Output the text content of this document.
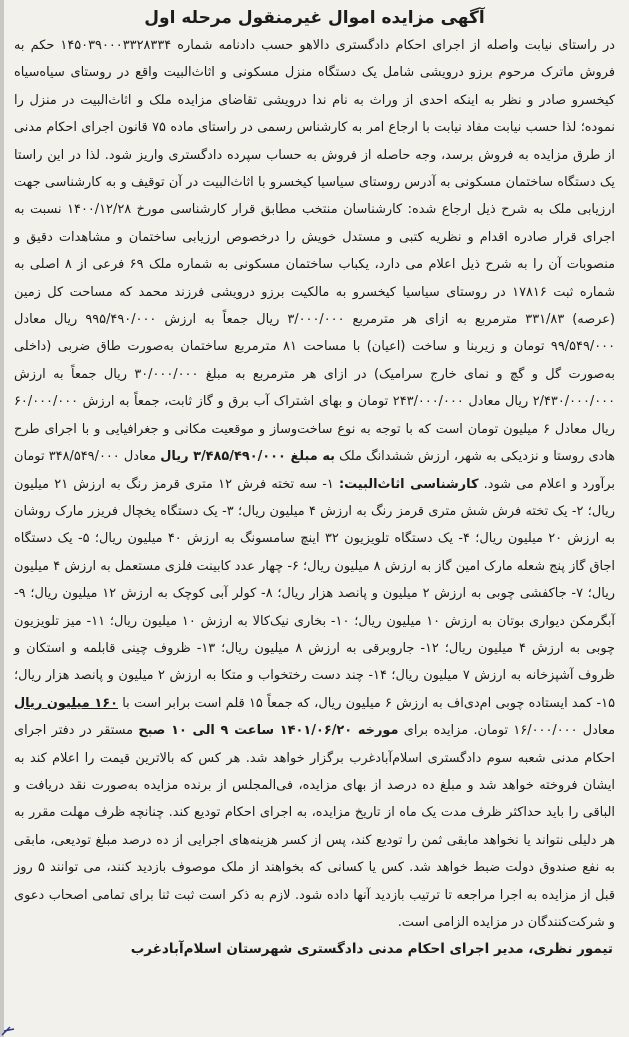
آگهی مزایده اموال غیرمنقول مرحله اول

در راستای نیابت واصله از اجرای احکام دادگستری دالاهو حسب دادنامه شماره ۱۴۵۰۳۹۰۰۰۳۳۲۸۳۳۴ حکم به فروش ماترک مرحوم برزو درویشی شامل یک دستگاه منزل مسکونی و اثاث‌البیت واقع در روستای سیاه‌سیاه کیخسرو صادر و نظر به اینکه احدی از وراث به نام ندا درویشی تقاضای مزایده ملک و اثاث‌البیت در منزل را نموده؛ لذا حسب نیابت مفاد نیابت با ارجاع امر به کارشناس رسمی در راستای ماده ۷۵ قانون اجرای احکام مدنی از طرق مزایده به فروش برسد، وجه حاصله از فروش به حساب سپرده دادگستری واریز شود. لذا در این راستا یک دستگاه ساختمان مسکونی به آدرس روستای سیاسیا کیخسرو با اثاث‌البیت در آن توقیف و به کارشناسی جهت ارزیابی ملک به شرح ذیل ارجاع شده: کارشناسان منتخب مطابق قرار کارشناسی مورخ ۱۴۰۰/۱۲/۲۸ نسبت به اجرای قرار صادره اقدام و نظریه کتبی و مستدل خویش را درخصوص ارزیابی ساختمان و مشاهدات دقیق و منصوبات آن را به شرح ذیل اعلام می دارد، یکباب ساختمان مسکونی به شماره ملک ۶۹ فرعی از ۸ اصلی به شماره ثبت ۱۷۸۱۶ در روستای سیاسیا کیخسرو به مالکیت برزو درویشی فرزند محمد که مساحت کل زمین (عرصه) ۳۳۱/۸۳ مترمربع به ازای هر مترمربع ۳/۰۰۰/۰۰۰ ریال جمعاً به ارزش ۹۹۵/۴۹۰/۰۰۰ ریال معادل ۹۹/۵۴۹/۰۰۰ تومان و زیربنا و ساخت (اعیان) با مساحت ۸۱ مترمربع ساختمان به‌صورت طاق ضربی (داخلی به‌صورت گل و گچ و نمای خارج سرامیک) در ازای هر مترمربع به مبلغ ۳۰/۰۰۰/۰۰۰ ریال جمعاً به ارزش ۲/۴۳۰/۰۰۰/۰۰۰ ریال معادل ۲۴۳/۰۰۰/۰۰۰ تومان و بهای اشتراک آب برق و گاز ثابت، جمعاً به ارزش ۶۰/۰۰۰/۰۰۰ ریال معادل ۶ میلیون تومان است که با توجه به نوع ساخت‌وساز و موقعیت مکانی و جغرافیایی و با اجرای طرح هادی روستا و نزدیکی به شهر، ارزش ششدانگ ملک به مبلغ ۳/۴۸۵/۴۹۰/۰۰۰ ریال معادل ۳۴۸/۵۴۹/۰۰۰ تومان برآورد و اعلام می شود. کارشناسی اثاث‌البیت: ۱- سه تخته فرش ۱۲ متری قرمز رنگ به ارزش ۲۱ میلیون ریال؛ ۲- یک تخته فرش شش متری قرمز رنگ به ارزش ۴ میلیون ریال؛ ۳- یک دستگاه یخچال فریزر مارک روشان به ارزش ۲۰ میلیون ریال؛ ۴- یک دستگاه تلویزیون ۳۲ اینچ سامسونگ به ارزش ۴۰ میلیون ریال؛ ۵- یک دستگاه اجاق گاز پنج شعله مارک امین گاز به ارزش ۸ میلیون ریال؛ ۶- چهار عدد کابینت فلزی مستعمل به ارزش ۴ میلیون ریال؛ ۷- جاکفشی چوبی به ارزش ۲ میلیون و پانصد هزار ریال؛ ۸- کولر آبی کوچک به ارزش ۱۲ میلیون ریال؛ ۹- آبگرمکن دیواری بوتان به ارزش ۱۰ میلیون ریال؛ ۱۰- بخاری نیک‌کالا به ارزش ۱۰ میلیون ریال؛ ۱۱- میز تلویزیون چوبی به ارزش ۴ میلیون ریال؛ ۱۲- جاروبرقی به ارزش ۸ میلیون ریال؛ ۱۳- ظروف چینی قابلمه و استکان و ظروف آشپزخانه به ارزش ۷ میلیون ریال؛ ۱۴- چند دست رختخواب و متکا به ارزش ۲ میلیون و پانصد هزار ریال؛ ۱۵- کمد ایستاده چوبی ام‌دی‌اف به ارزش ۶ میلیون ریال، که جمعاً ۱۵ قلم است برابر است با ۱۶۰ میلیون ریال معادل ۱۶/۰۰۰/۰۰۰ تومان. مزایده برای مورخه ۱۴۰۱/۰۶/۲۰ ساعت ۹ الی ۱۰ صبح مستقر در دفتر اجرای احکام مدنی شعبه سوم دادگستری اسلام‌آبادغرب برگزار خواهد شد. هر کس که بالاترین قیمت را اعلام کند به ایشان فروخته خواهد شد و مبلغ ده درصد از بهای مزایده، فی‌المجلس از برنده مزایده به‌صورت نقد دریافت و الباقی را باید حداکثر ظرف مدت یک ماه از تاریخ مزایده، به اجرای احکام تودیع کند. چنانچه ظرف مهلت مقرر به هر دلیلی نتواند یا نخواهد مابقی ثمن را تودیع کند، پس از کسر هزینه‌های اجرایی از ده درصد مبلغ تودیعی، مابقی به نفع صندوق دولت ضبط خواهد شد. کس یا کسانی که بخواهند از ملک موصوف بازدید کنند، می توانند ۵ روز قبل از مزایده به اجرا مراجعه تا ترتیب بازدید آنها داده شود. لازم به ذکر است ثبت ثنا برای تمامی اصحاب دعوی و شرکت‌کنندگان در مزایده الزامی است.

تیمور نظری، مدیر اجرای احکام مدنی دادگستری شهرستان اسلام‌آبادغرب
